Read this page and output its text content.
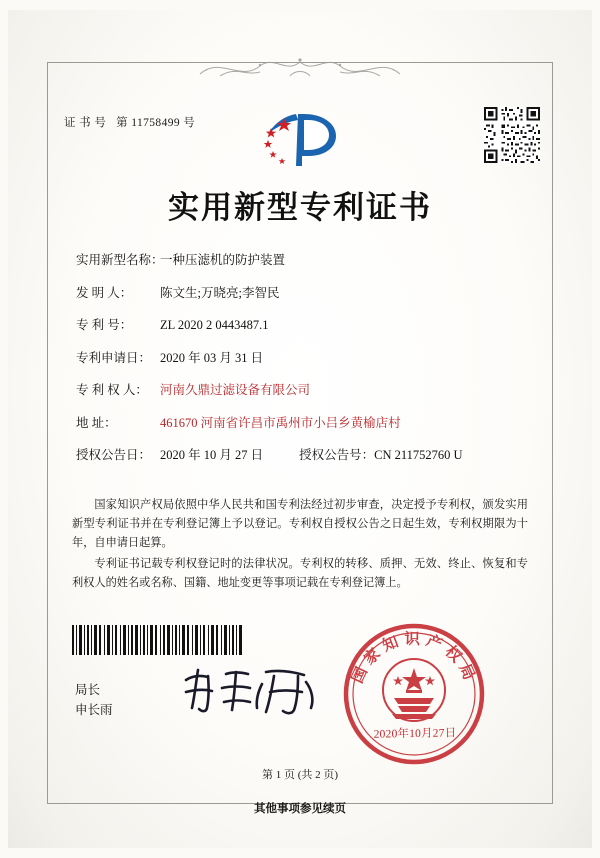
证 书 号 第 11758499 号
实用新型专利证书
实用新型名称：
一种压滤机的防护装置
发 明 人：	陈文生;万晓亮;李智民
专 利 号：	ZL 2020 2 0443487.1
专利申请日： 2020 年 03 月 31 日
专 利 权 人： 河南久鼎过滤设备有限公司
地 址：	461670 河南省许昌市禹州市小吕乡黄榆店村
授权公告日： 2020 年 10 月 27 日	授权公告号： CN 211752760 U

国家知识产权局依照中华人民共和国专利法经过初步审查，决定授予专利权，颁发实用新型专利证书并在专利登记簿上予以登记。专利权自授权公告之日起生效，专利权期限为十年，自申请日起算。

专利证书记载专利权登记时的法律状况。专利权的转移、质押、无效、终止、恢复和专利权人的姓名或名称、国籍、地址变更等事项记载在专利登记簿上。

局长
申长雨
国家知识产权局
2020年10月27日
第 1 页 (共 2 页)
其他事项参见续页
